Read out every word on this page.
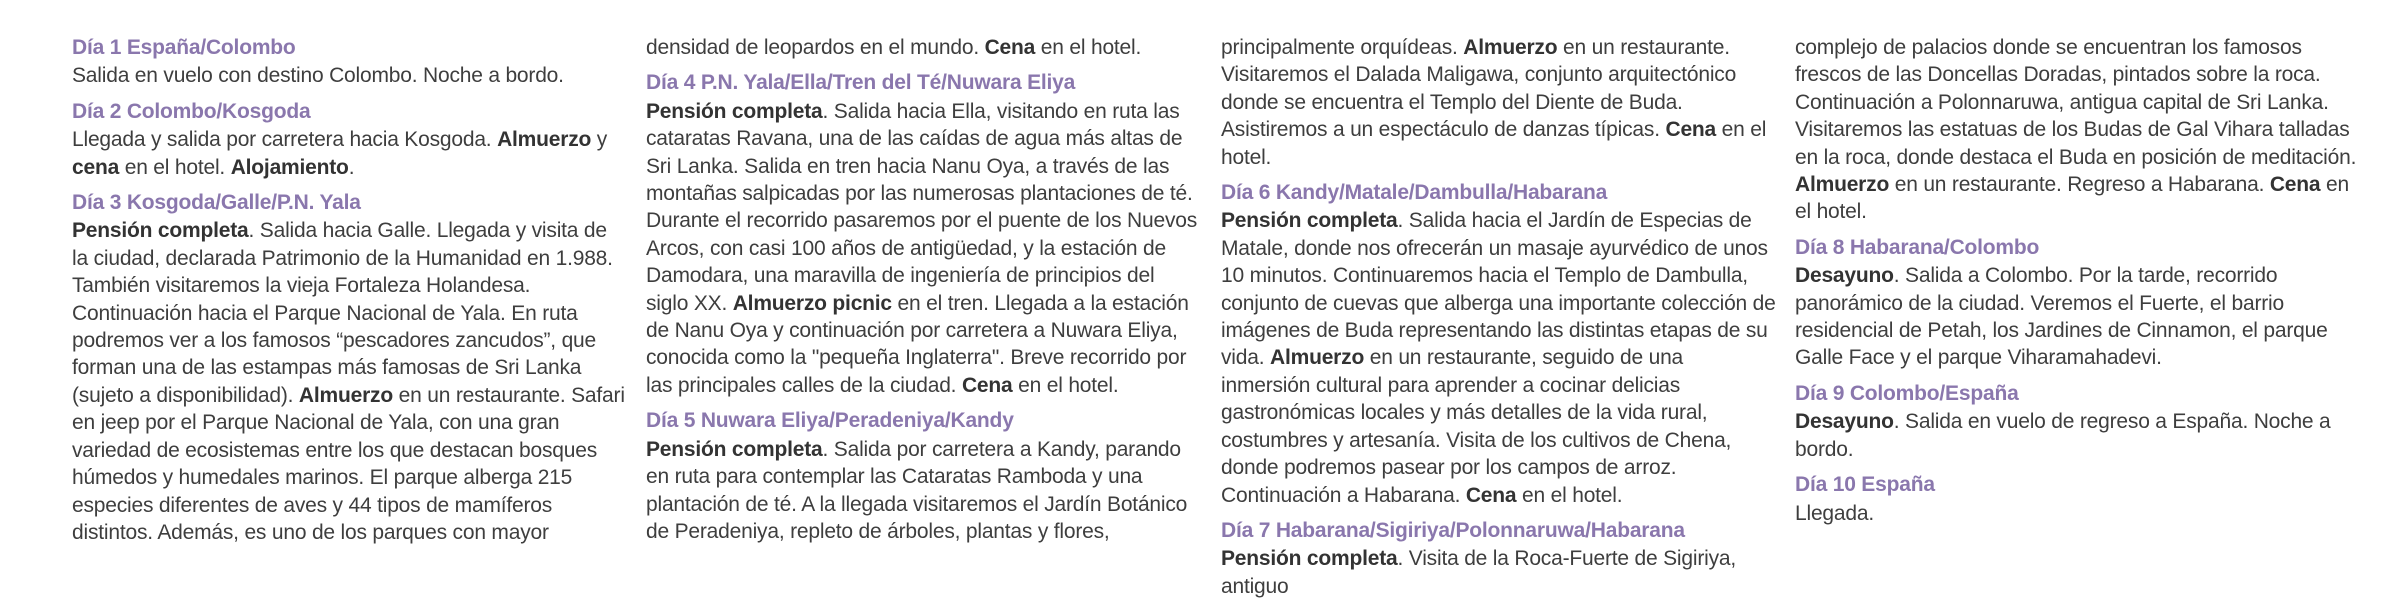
Día 1 España/Colombo
Salida en vuelo con destino Colombo. Noche a bordo.
Día 2 Colombo/Kosgoda
Llegada y salida por carretera hacia Kosgoda. Almuerzo y cena en el hotel. Alojamiento.
Día 3 Kosgoda/Galle/P.N. Yala
Pensión completa. Salida hacia Galle. Llegada y visita de la ciudad, declarada Patrimonio de la Humanidad en 1.988. También visitaremos la vieja Fortaleza Holandesa. Continuación hacia el Parque Nacional de Yala. En ruta podremos ver a los famosos “pescadores zancudos”, que forman una de las estampas más famosas de Sri Lanka (sujeto a disponibilidad). Almuerzo en un restaurante. Safari en jeep por el Parque Nacional de Yala, con una gran variedad de ecosistemas entre los que destacan bosques húmedos y humedales marinos. El parque alberga 215 especies diferentes de aves y 44 tipos de mamíferos distintos. Además, es uno de los parques con mayor
densidad de leopardos en el mundo. Cena en el hotel.
Día 4 P.N. Yala/Ella/Tren del Té/Nuwara Eliya
Pensión completa. Salida hacia Ella, visitando en ruta las cataratas Ravana, una de las caídas de agua más altas de Sri Lanka. Salida en tren hacia Nanu Oya, a través de las montañas salpicadas por las numerosas plantaciones de té. Durante el recorrido pasaremos por el puente de los Nuevos Arcos, con casi 100 años de antigüedad, y la estación de Damodara, una maravilla de ingeniería de principios del siglo XX. Almuerzo picnic en el tren. Llegada a la estación de Nanu Oya y continuación por carretera a Nuwara Eliya, conocida como la "pequeña Inglaterra". Breve recorrido por las principales calles de la ciudad. Cena en el hotel.
Día 5 Nuwara Eliya/Peradeniya/Kandy
Pensión completa. Salida por carretera a Kandy, parando en ruta para contemplar las Cataratas Ramboda y una plantación de té. A la llegada visitaremos el Jardín Botánico de Peradeniya, repleto de árboles, plantas y flores,
principalmente orquídeas. Almuerzo en un restaurante. Visitaremos el Dalada Maligawa, conjunto arquitectónico donde se encuentra el Templo del Diente de Buda. Asistiremos a un espectáculo de danzas típicas. Cena en el hotel.
Día 6 Kandy/Matale/Dambulla/Habarana
Pensión completa. Salida hacia el Jardín de Especias de Matale, donde nos ofrecerán un masaje ayurvédico de unos 10 minutos. Continuaremos hacia el Templo de Dambulla, conjunto de cuevas que alberga una importante colección de imágenes de Buda representando las distintas etapas de su vida. Almuerzo en un restaurante, seguido de una inmersión cultural para aprender a cocinar delicias gastronómicas locales y más detalles de la vida rural, costumbres y artesanía. Visita de los cultivos de Chena, donde podremos pasear por los campos de arroz. Continuación a Habarana. Cena en el hotel.
Día 7 Habarana/Sigiriya/Polonnaruwa/Habarana
Pensión completa. Visita de la Roca-Fuerte de Sigiriya, antiguo
complejo de palacios donde se encuentran los famosos frescos de las Doncellas Doradas, pintados sobre la roca. Continuación a Polonnaruwa, antigua capital de Sri Lanka. Visitaremos las estatuas de los Budas de Gal Vihara talladas en la roca, donde destaca el Buda en posición de meditación. Almuerzo en un restaurante. Regreso a Habarana. Cena en el hotel.
Día 8 Habarana/Colombo
Desayuno. Salida a Colombo. Por la tarde, recorrido panorámico de la ciudad. Veremos el Fuerte, el barrio residencial de Petah, los Jardines de Cinnamon, el parque Galle Face y el parque Viharamahadevi.
Día 9 Colombo/España
Desayuno. Salida en vuelo de regreso a España. Noche a bordo.
Día 10 España
Llegada.
